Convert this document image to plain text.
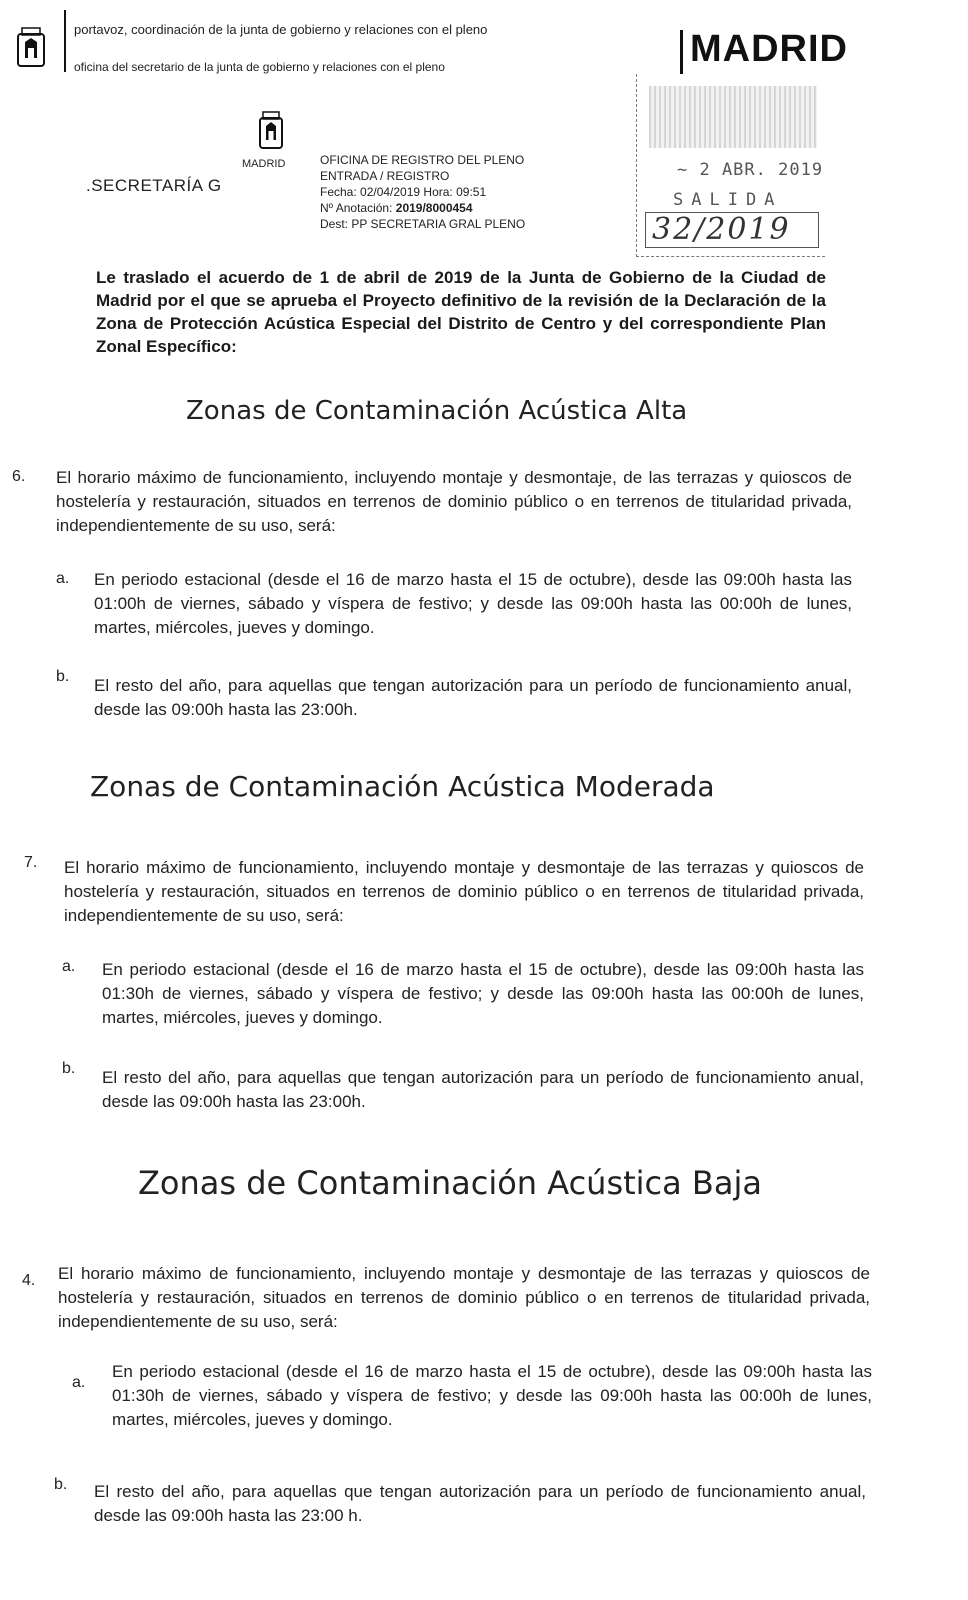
portavoz, coordinación de la junta de gobierno y relaciones con el pleno
oficina del secretario de la junta de gobierno y relaciones con el pleno	MADRID
MADRID
.SECRETARÍA G
OFICINA DE REGISTRO DEL PLENO
ENTRADA / REGISTRO
Fecha: 02/04/2019 Hora: 09:51
Nº Anotación: 2019/8000454
Dest: PP SECRETARIA GRAL PLENO
~ 2 ABR. 2019
SALIDA
32/2019
Le traslado el acuerdo de 1 de abril de 2019 de la Junta de Gobierno de la Ciudad de Madrid por el que se aprueba el Proyecto definitivo de la revisión de la Declaración de la Zona de Protección Acústica Especial del Distrito de Centro y del correspondiente Plan Zonal Específico:
Zonas de Contaminación Acústica Alta
6. El horario máximo de funcionamiento, incluyendo montaje y desmontaje, de las terrazas y quioscos de hostelería y restauración, situados en terrenos de dominio público o en terrenos de titularidad privada, independientemente de su uso, será:
a. En periodo estacional (desde el 16 de marzo hasta el 15 de octubre), desde las 09:00h hasta las 01:00h de viernes, sábado y víspera de festivo; y desde las 09:00h hasta las 00:00h de lunes, martes, miércoles, jueves y domingo.
b. El resto del año, para aquellas que tengan autorización para un período de funcionamiento anual, desde las 09:00h hasta las 23:00h.
Zonas de Contaminación Acústica Moderada
7. El horario máximo de funcionamiento, incluyendo montaje y desmontaje de las terrazas y quioscos de hostelería y restauración, situados en terrenos de dominio público o en terrenos de titularidad privada, independientemente de su uso, será:
a. En periodo estacional (desde el 16 de marzo hasta el 15 de octubre), desde las 09:00h hasta las 01:30h de viernes, sábado y víspera de festivo; y desde las 09:00h hasta las 00:00h de lunes, martes, miércoles, jueves y domingo.
b. El resto del año, para aquellas que tengan autorización para un período de funcionamiento anual, desde las 09:00h hasta las 23:00h.
Zonas de Contaminación Acústica Baja
4. El horario máximo de funcionamiento, incluyendo montaje y desmontaje de las terrazas y quioscos de hostelería y restauración, situados en terrenos de dominio público o en terrenos de titularidad privada, independientemente de su uso, será:
a.
En periodo estacional (desde el 16 de marzo hasta el 15 de octubre), desde las 09:00h hasta las 01:30h de viernes, sábado y víspera de festivo; y desde las 09:00h hasta las 00:00h de lunes, martes, miércoles, jueves y domingo.
b. El resto del año, para aquellas que tengan autorización para un período de funcionamiento anual, desde las 09:00h hasta las 23:00 h.
